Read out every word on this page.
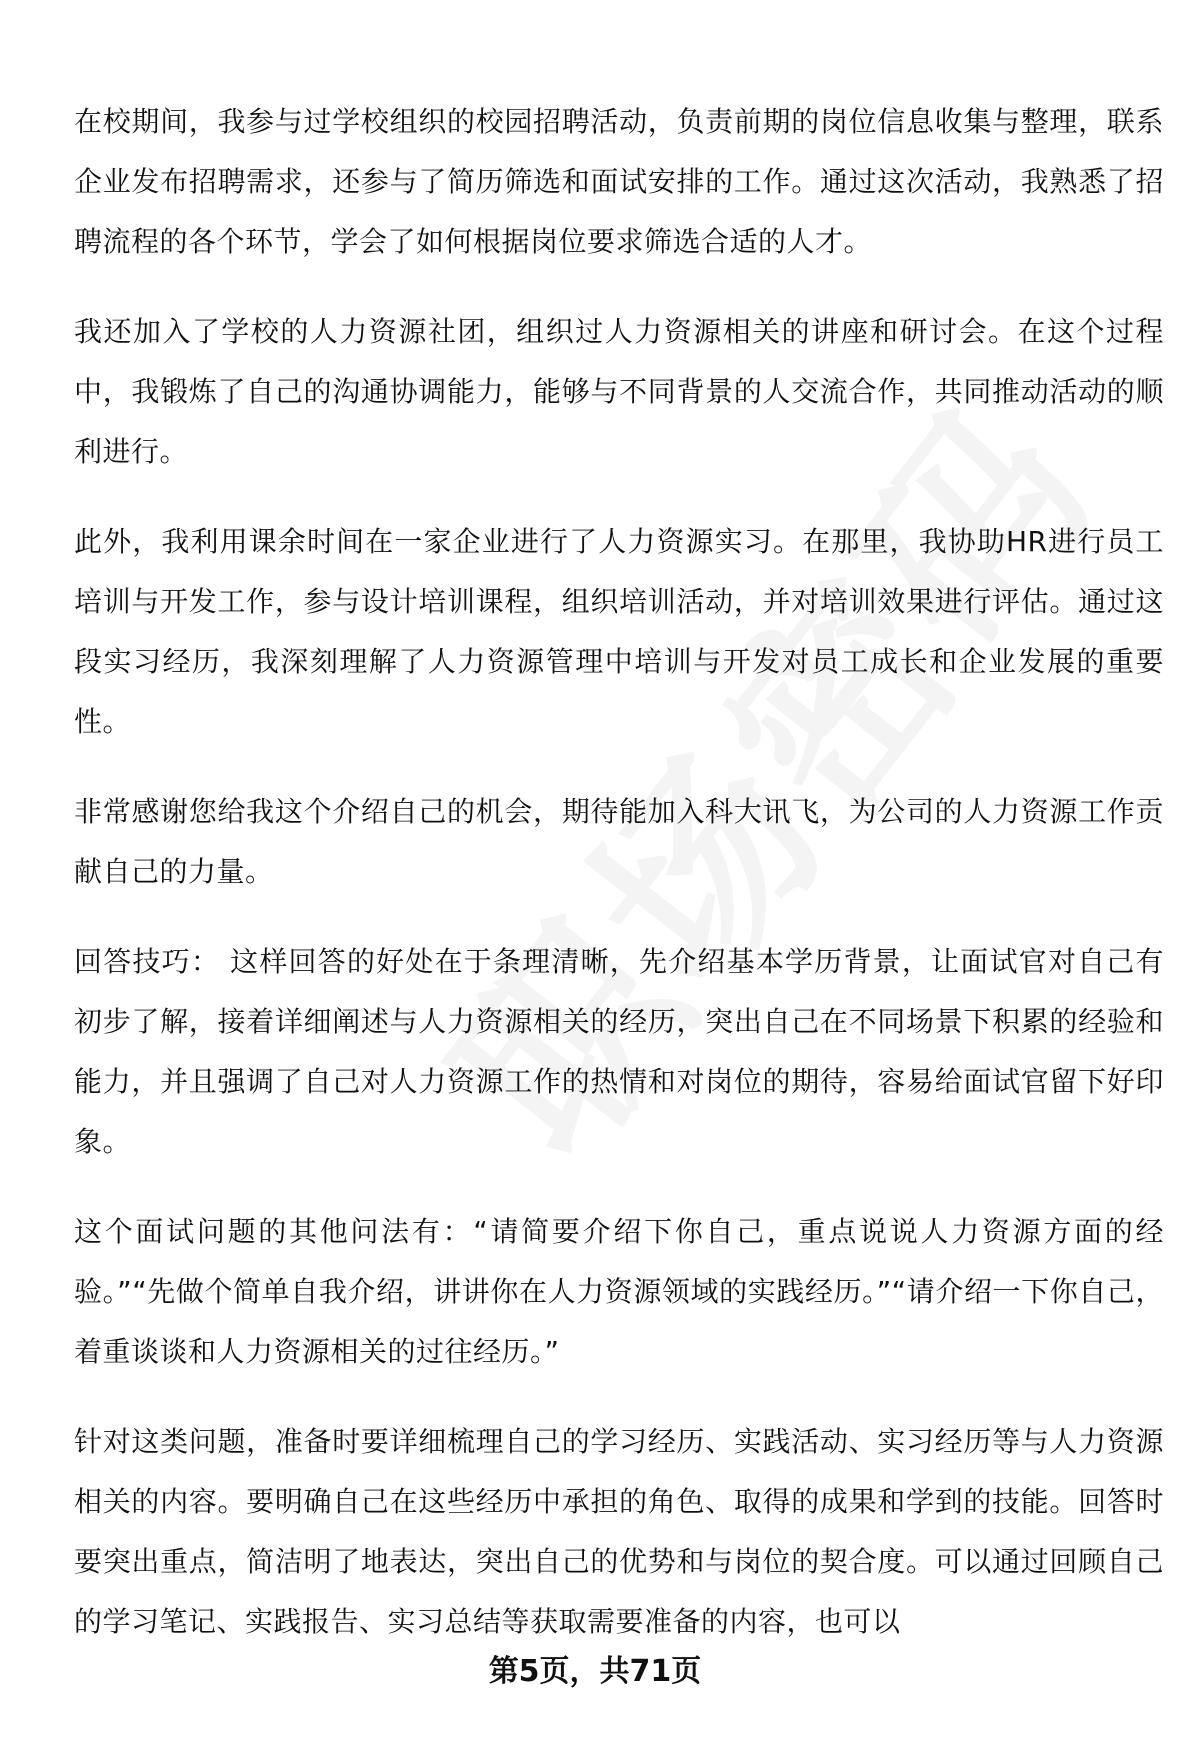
在校期间，我参与过学校组织的校园招聘活动，负责前期的岗位信息收集与整理，联系企业发布招聘需求，还参与了简历筛选和面试安排的工作。通过这次活动，我熟悉了招聘流程的各个环节，学会了如何根据岗位要求筛选合适的人才。

我还加入了学校的人力资源社团，组织过人力资源相关的讲座和研讨会。在这个过程中，我锻炼了自己的沟通协调能力，能够与不同背景的人交流合作，共同推动活动的顺利进行。

此外，我利用课余时间在一家企业进行了人力资源实习。在那里，我协助HR进行员工培训与开发工作，参与设计培训课程，组织培训活动，并对培训效果进行评估。通过这段实习经历，我深刻理解了人力资源管理中培训与开发对员工成长和企业发展的重要性。

非常感谢您给我这个介绍自己的机会，期待能加入科大讯飞，为公司的人力资源工作贡献自己的力量。

回答技巧： 这样回答的好处在于条理清晰，先介绍基本学历背景，让面试官对自己有初步了解，接着详细阐述与人力资源相关的经历，突出自己在不同场景下积累的经验和能力，并且强调了自己对人力资源工作的热情和对岗位的期待，容易给面试官留下好印象。

这个面试问题的其他问法有：“请简要介绍下你自己，重点说说人力资源方面的经验。”“先做个简单自我介绍，讲讲你在人力资源领域的实践经历。”“请介绍一下你自己，着重谈谈和人力资源相关的过往经历。”

针对这类问题，准备时要详细梳理自己的学习经历、实践活动、实习经历等与人力资源相关的内容。要明确自己在这些经历中承担的角色、取得的成果和学到的技能。回答时要突出重点，简洁明了地表达，突出自己的优势和与岗位的契合度。可以通过回顾自己的学习笔记、实践报告、实习总结等获取需要准备的内容，也可以

第5页，共71页
